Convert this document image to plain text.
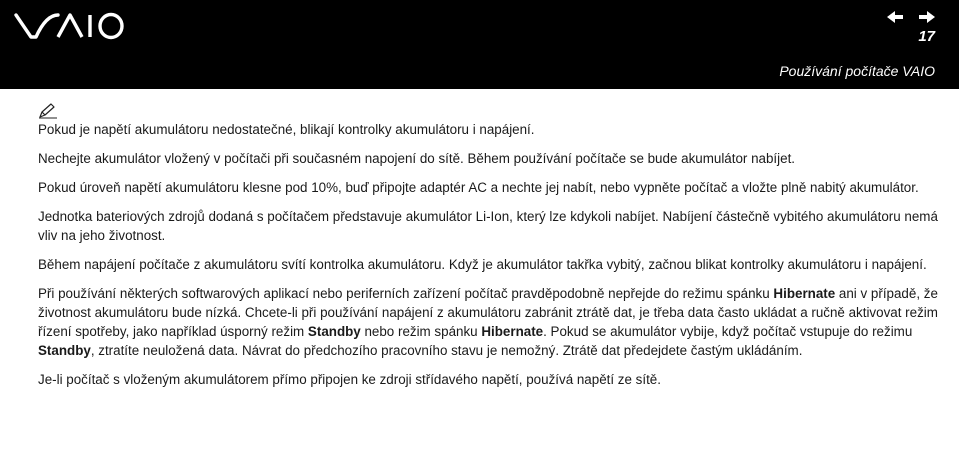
17
Používání počítače VAIO

Pokud je napětí akumulátoru nedostatečné, blikají kontrolky akumulátoru i napájení.

Nechejte akumulátor vložený v počítači při současném napojení do sítě. Během používání počítače se bude akumulátor nabíjet.

Pokud úroveň napětí akumulátoru klesne pod 10%, buď připojte adaptér AC a nechte jej nabít, nebo vypněte počítač a vložte plně nabitý akumulátor.

Jednotka bateriových zdrojů dodaná s počítačem představuje akumulátor Li-Ion, který lze kdykoli nabíjet. Nabíjení částečně vybitého akumulátoru nemá vliv na jeho životnost.

Během napájení počítače z akumulátoru svítí kontrolka akumulátoru. Když je akumulátor takřka vybitý, začnou blikat kontrolky akumulátoru i napájení.

Při používání některých softwarových aplikací nebo periferních zařízení počítač pravděpodobně nepřejde do režimu spánku Hibernate ani v případě, že životnost akumulátoru bude nízká. Chcete-li při používání napájení z akumulátoru zabránit ztrátě dat, je třeba data často ukládat a ručně aktivovat režim řízení spotřeby, jako například úsporný režim Standby nebo režim spánku Hibernate. Pokud se akumulátor vybije, když počítač vstupuje do režimu Standby, ztratíte neuložená data. Návrat do předchozího pracovního stavu je nemožný. Ztrátě dat předejdete častým ukládáním.

Je-li počítač s vloženým akumulátorem přímo připojen ke zdroji střídavého napětí, používá napětí ze sítě.
